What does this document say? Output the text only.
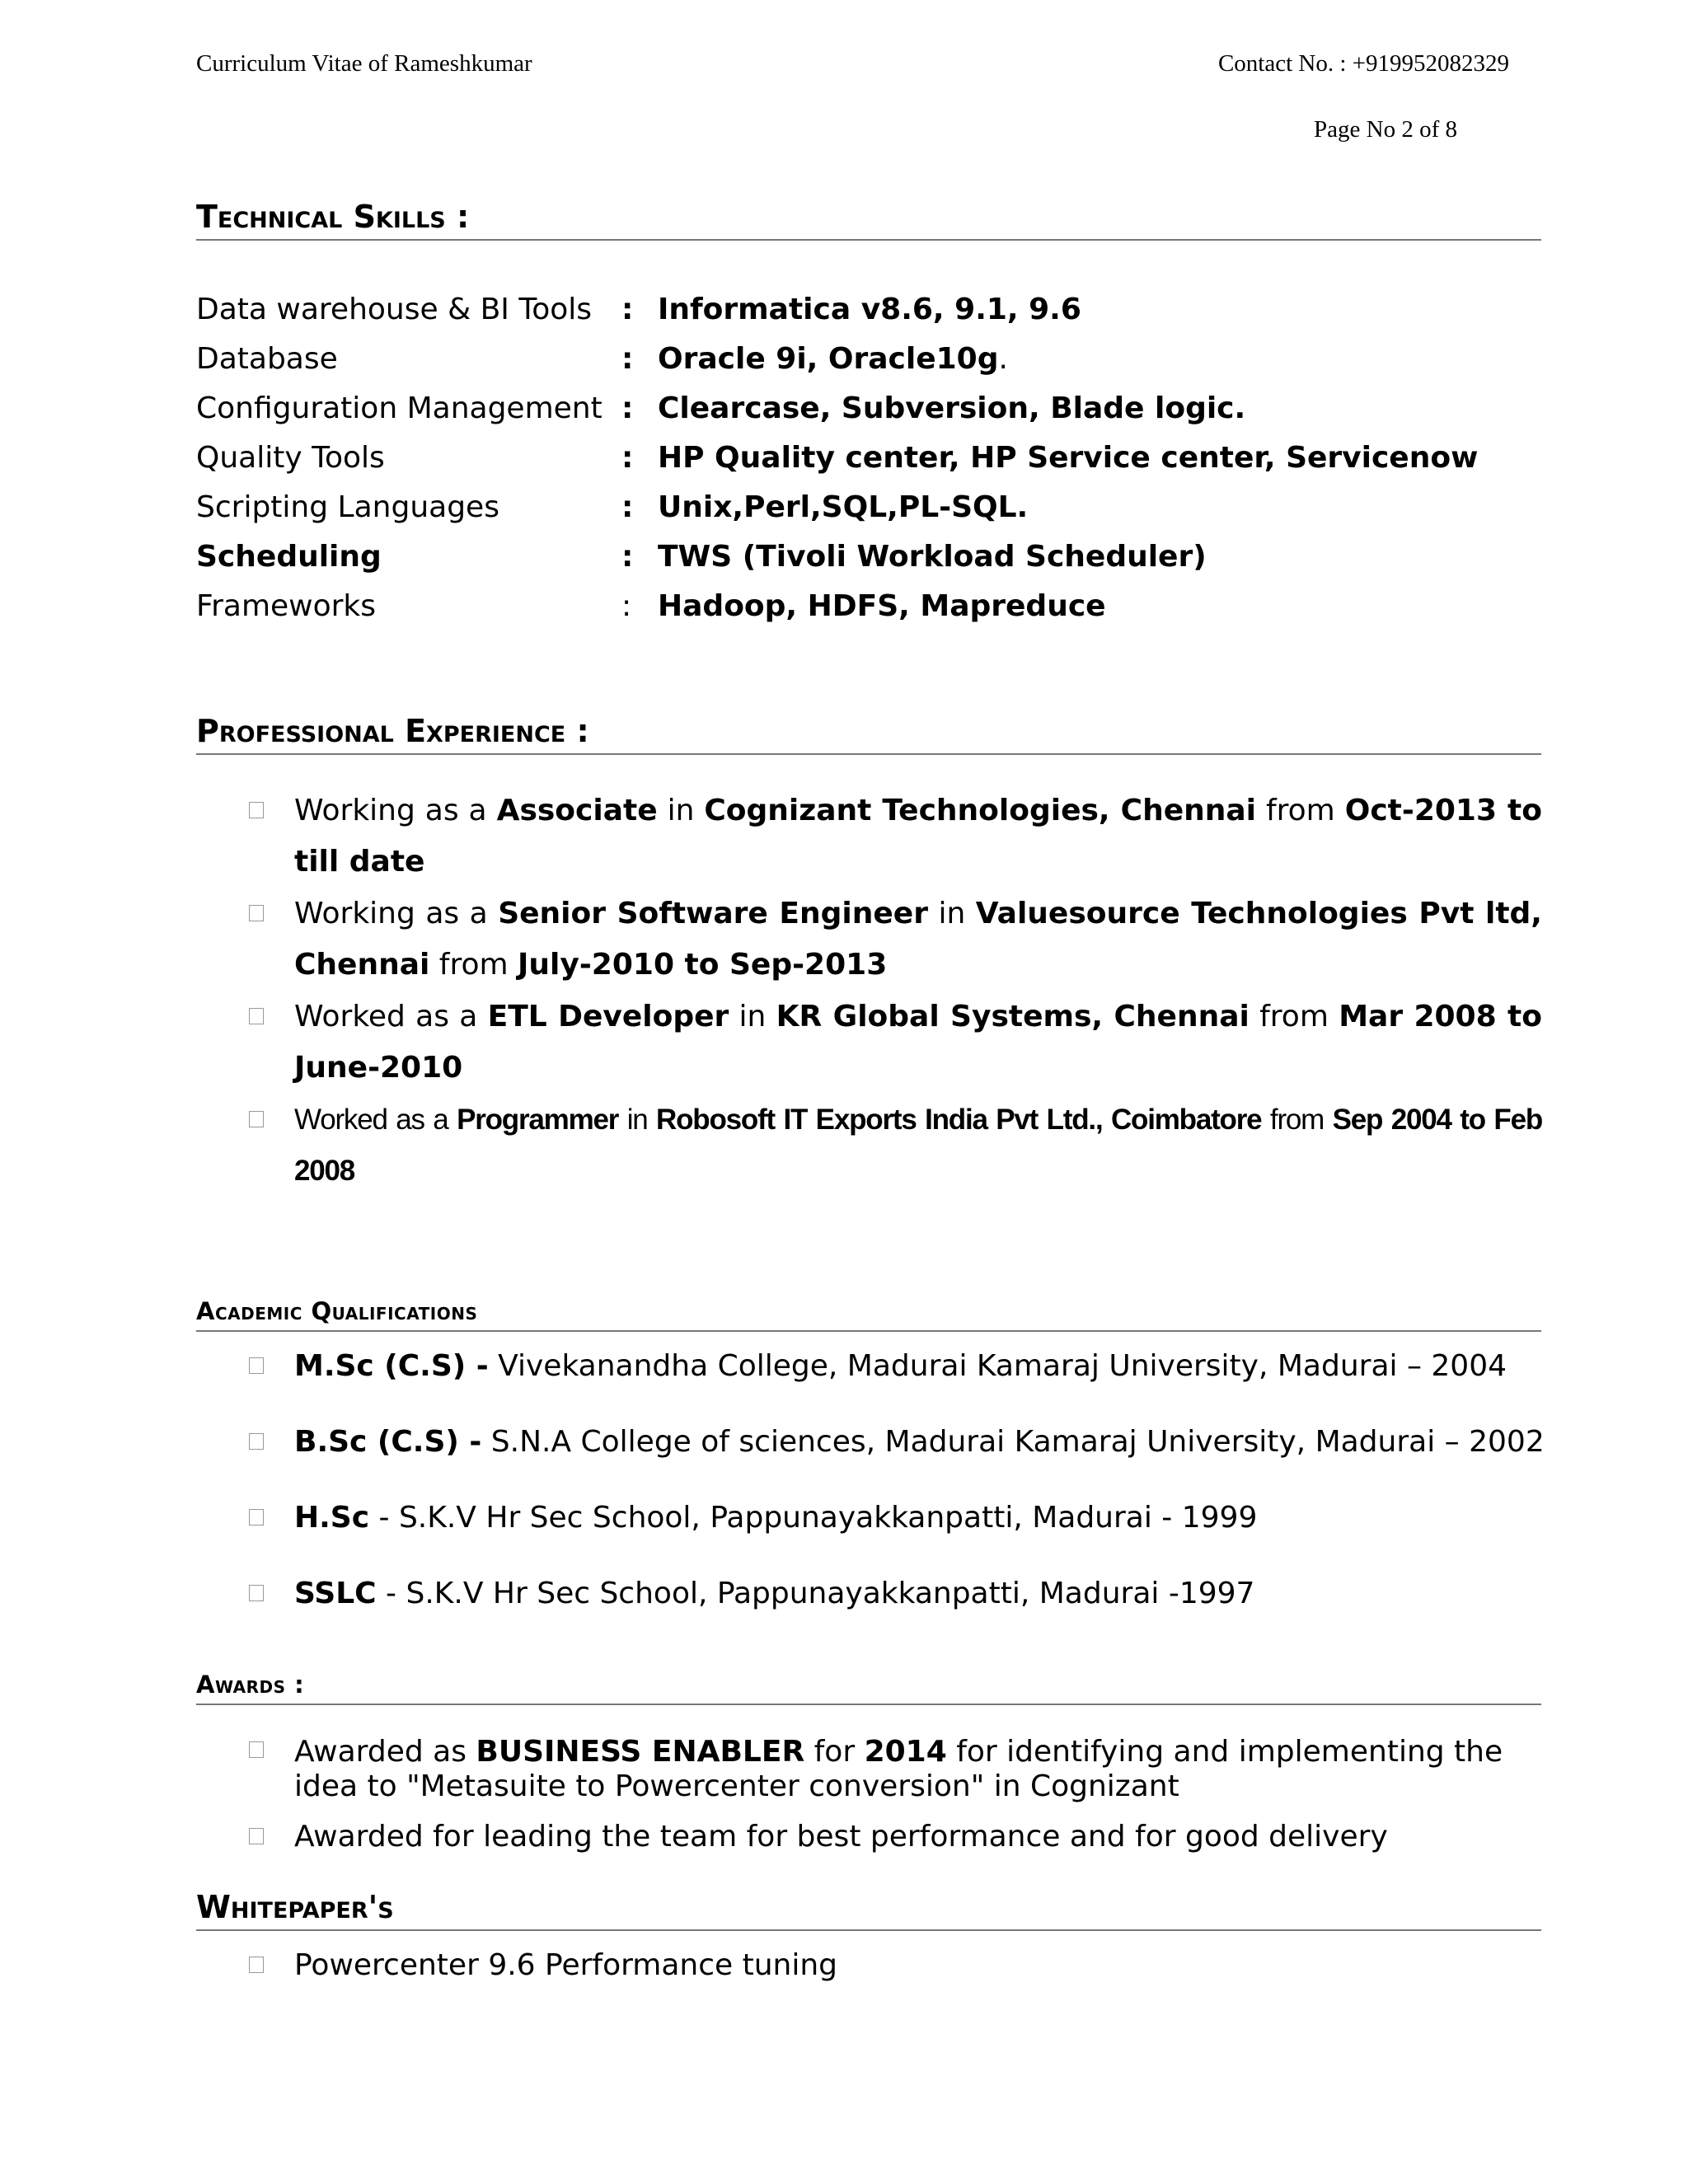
Curriculum Vitae of Rameshkumar	Contact No. : +919952082329
Page No 2 of 8
Technical Skills :
Data warehouse & BI Tools : Informatica v8.6, 9.1, 9.6
Database	: Oracle 9i, Oracle10g.
Configuration Management : Clearcase, Subversion, Blade logic.
Quality Tools	: HP Quality center, HP Service center, Servicenow
Scripting Languages	: Unix,Perl,SQL,PL-SQL.
Scheduling	: TWS (Tivoli Workload Scheduler)
Frameworks	: Hadoop, HDFS, Mapreduce
Professional Experience :
Working as a Associate in Cognizant Technologies, Chennai from Oct-2013 to till date
Working as a Senior Software Engineer in Valuesource Technologies Pvt ltd, Chennai from July-2010 to Sep-2013
Worked as a ETL Developer in KR Global Systems, Chennai from Mar 2008 to June-2010
Worked as a Programmer in Robosoft IT Exports India Pvt Ltd., Coimbatore from Sep 2004 to Feb 2008
Academic Qualifications
M.Sc (C.S) - Vivekanandha College, Madurai Kamaraj University, Madurai – 2004
B.Sc (C.S) - S.N.A College of sciences, Madurai Kamaraj University, Madurai – 2002
H.Sc - S.K.V Hr Sec School, Pappunayakkanpatti, Madurai - 1999
SSLC - S.K.V Hr Sec School, Pappunayakkanpatti, Madurai -1997
Awards :
Awarded as BUSINESS ENABLER for 2014 for identifying and implementing the idea to "Metasuite to Powercenter conversion" in Cognizant
Awarded for leading the team for best performance and for good delivery
Whitepaper's
Powercenter 9.6 Performance tuning
